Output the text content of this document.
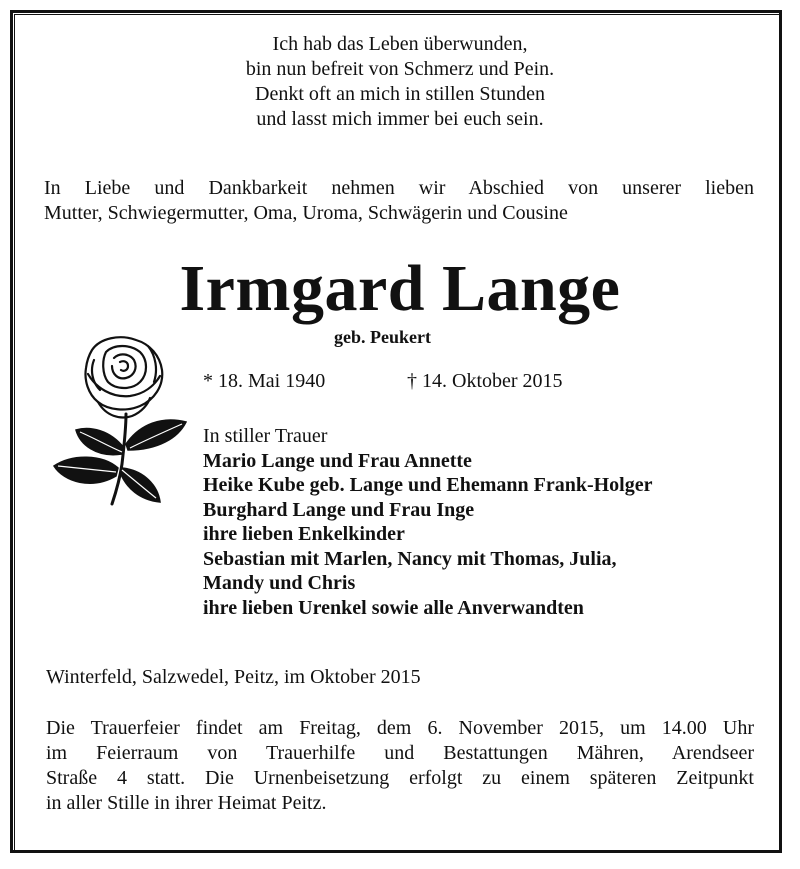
Ich hab das Leben überwunden,
bin nun befreit von Schmerz und Pein.
Denkt oft an mich in stillen Stunden
und lasst mich immer bei euch sein.
In Liebe und Dankbarkeit nehmen wir Abschied von unserer lieben
Mutter, Schwiegermutter, Oma, Uroma, Schwägerin und Cousine
Irmgard Lange
geb. Peukert
* 18. Mai 1940	† 14. Oktober 2015
In stiller Trauer
Mario Lange und Frau Annette
Heike Kube geb. Lange und Ehemann Frank-Holger
Burghard Lange und Frau Inge
ihre lieben Enkelkinder
Sebastian mit Marlen, Nancy mit Thomas, Julia,
Mandy und Chris
ihre lieben Urenkel sowie alle Anverwandten
Winterfeld, Salzwedel, Peitz, im Oktober 2015
Die Trauerfeier findet am Freitag, dem 6. November 2015, um 14.00 Uhr
im Feierraum von Trauerhilfe und Bestattungen Mähren, Arendseer
Straße 4 statt. Die Urnenbeisetzung erfolgt zu einem späteren Zeitpunkt
in aller Stille in ihrer Heimat Peitz.
